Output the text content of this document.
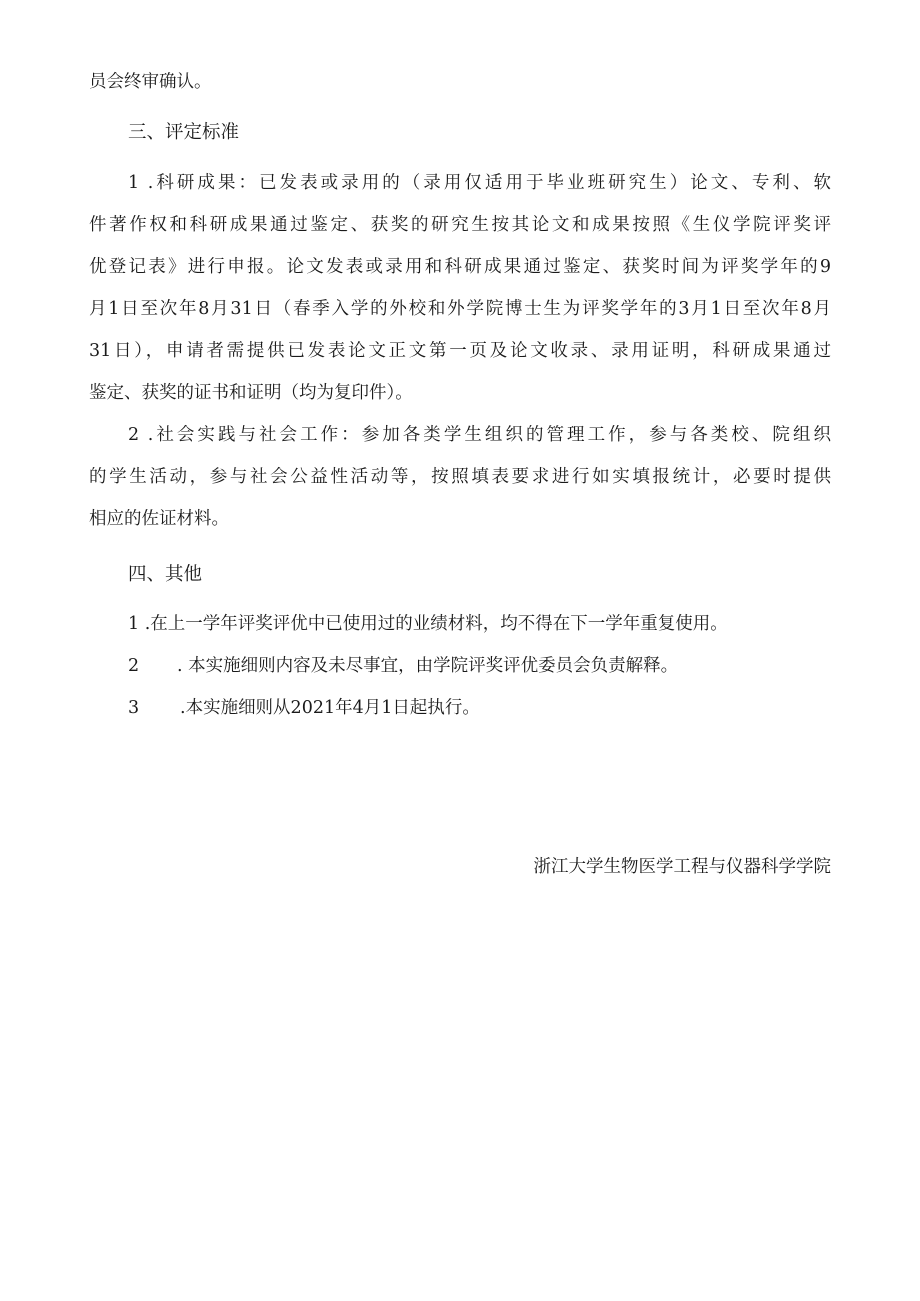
员会终审确认。
三、评定标准
1 .科研成果：已发表或录用的（录用仅适用于毕业班研究生）论文、专利、软
件著作权和科研成果通过鉴定、获奖的研究生按其论文和成果按照《生仪学院评奖评
优登记表》进行申报。论文发表或录用和科研成果通过鉴定、获奖时间为评奖学年的9
月1日至次年8月31日（春季入学的外校和外学院博士生为评奖学年的3月1日至次年8月
31日），申请者需提供已发表论文正文第一页及论文收录、录用证明，科研成果通过
鉴定、获奖的证书和证明（均为复印件）。
2 .社会实践与社会工作：参加各类学生组织的管理工作，参与各类校、院组织
的学生活动，参与社会公益性活动等，按照填表要求进行如实填报统计，必要时提供
相应的佐证材料。
四、其他
1 .在上一学年评奖评优中已使用过的业绩材料，均不得在下一学年重复使用。
2 . 本实施细则内容及未尽事宜，由学院评奖评优委员会负责解释。
3 .本实施细则从2021年4月1日起执行。
浙江大学生物医学工程与仪器科学学院
